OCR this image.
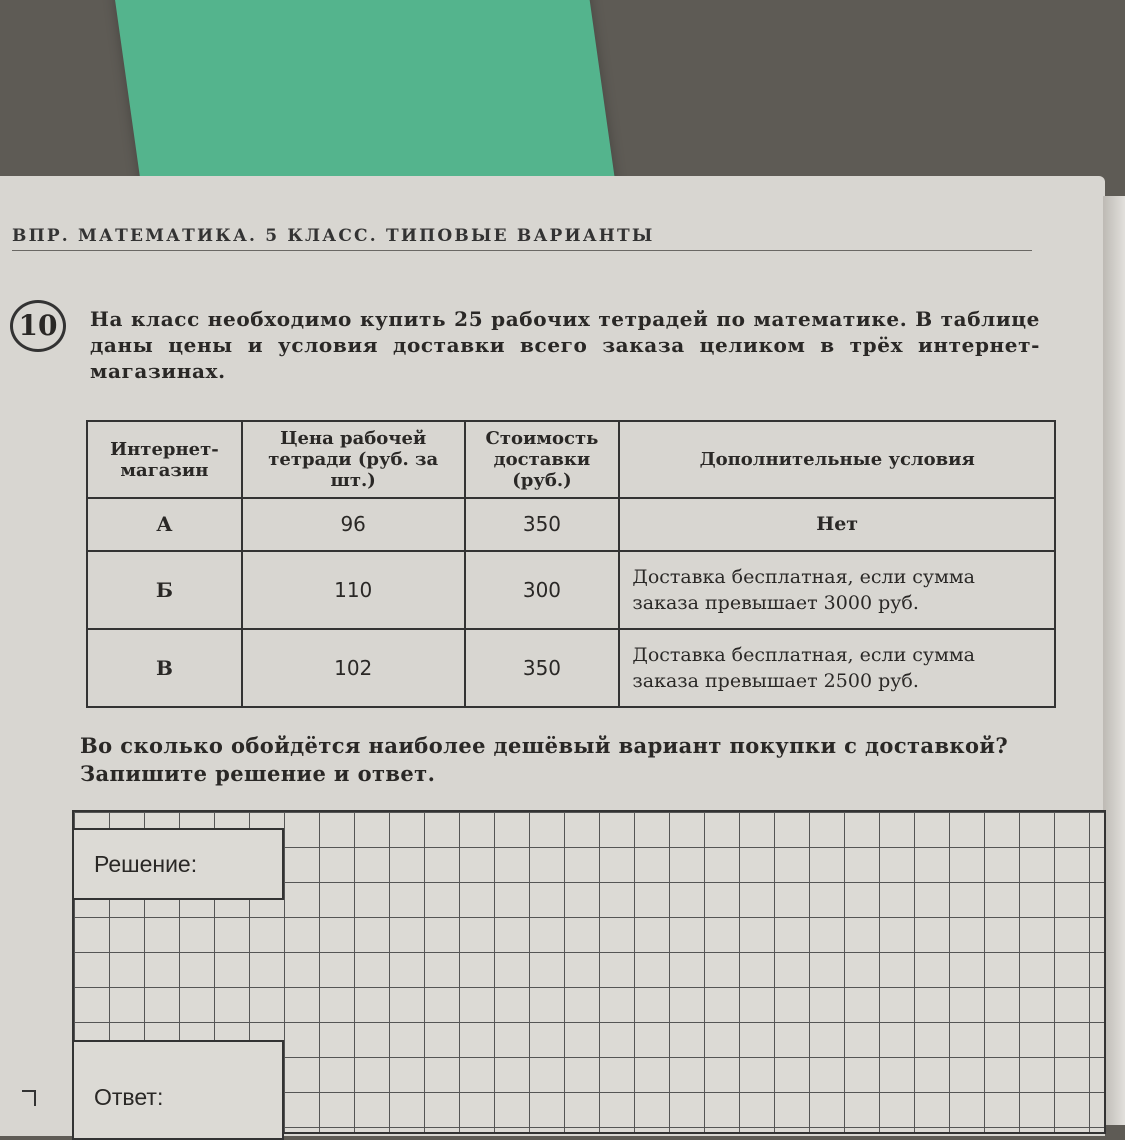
ВПР. МАТЕМАТИКА. 5 КЛАСС. ТИПОВЫЕ ВАРИАНТЫ
10	На класс необходимо купить 25 рабочих тетрадей по математике. В таблице даны цены и условия доставки всего заказа целиком в трёх интернет-магазинах.
Интернет-магазин	Цена рабочей тетради (руб. за шт.)	Стоимость доставки (руб.)	Дополнительные условия
А	96	350	Нет
Б	110	300	Доставка бесплатная, если сумма заказа превышает 3000 руб.
В	102	350	Доставка бесплатная, если сумма заказа превышает 2500 руб.
Во сколько обойдётся наиболее дешёвый вариант покупки с доставкой? Запишите решение и ответ.
Решение:
Ответ:
